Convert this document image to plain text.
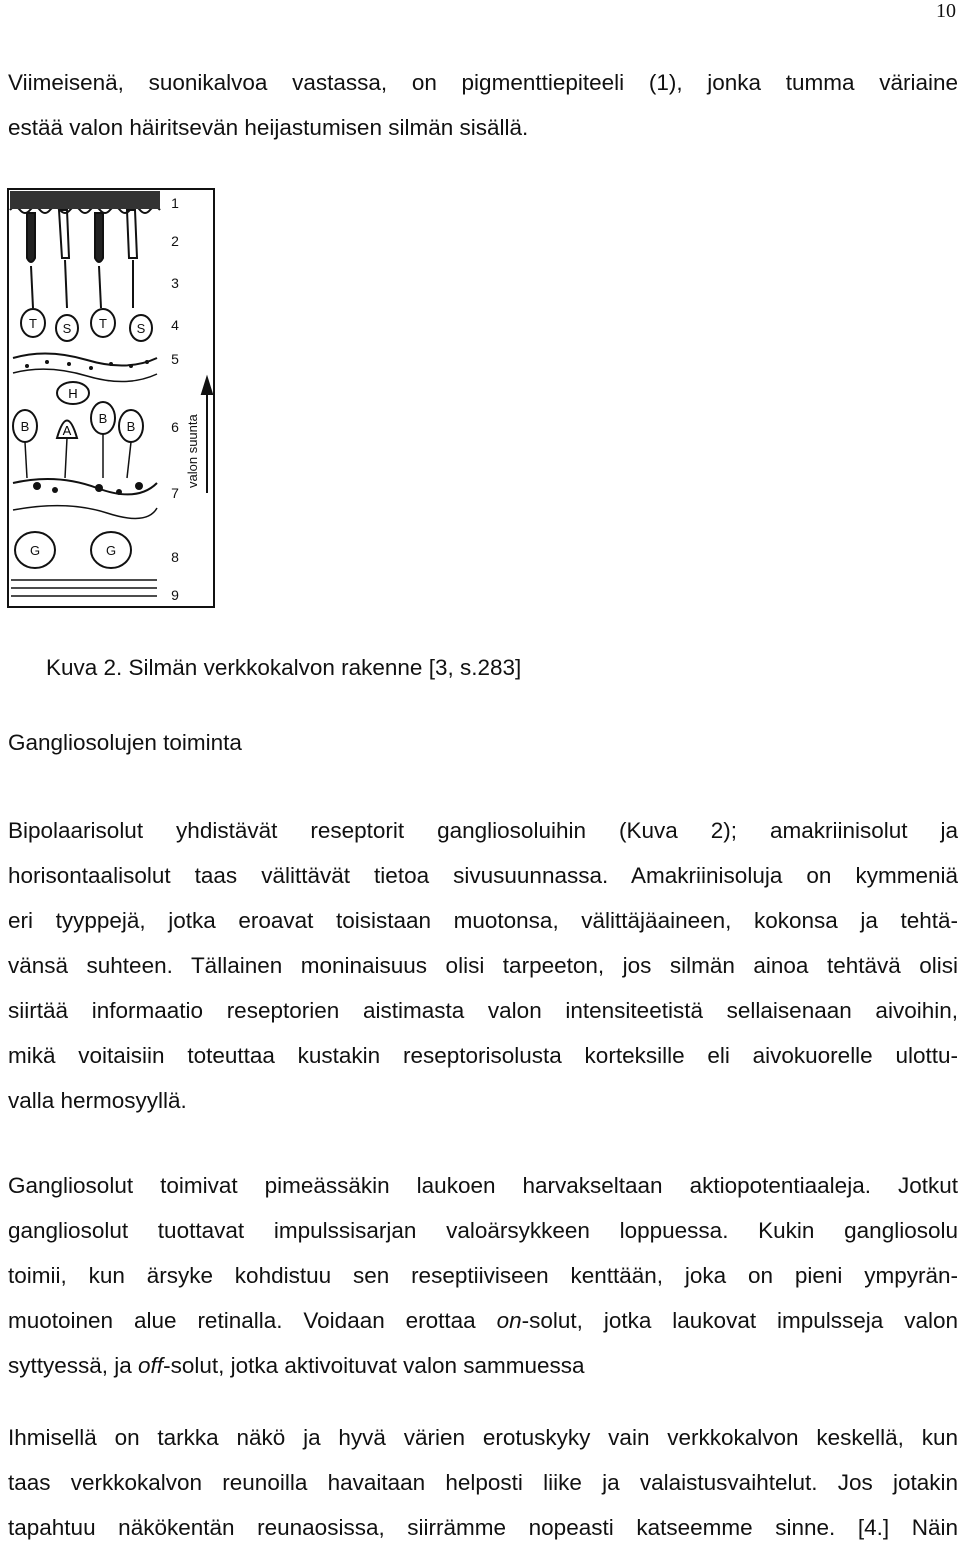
10
Viimeisenä, suonikalvoa vastassa, on pigmenttiepiteeli (1), jonka tumma väriaine
estää valon häiritsevän heijastumisen silmän sisällä.
T S T S
H
B
B
B
A
G	G
valon suunta
1
2
3
4
5
6
7
8
9

Kuva 2. Silmän verkkokalvon rakenne [3, s.283]

Gangliosolujen toiminta
Bipolaarisolut yhdistävät reseptorit gangliosoluihin (Kuva 2); amakriinisolut ja
horisontaalisolut taas välittävät tietoa sivusuunnassa. Amakriinisoluja on kymmeniä
eri tyyppejä, jotka eroavat toisistaan muotonsa, välittäjäaineen, kokonsa ja tehtä-
vänsä suhteen. Tällainen moninaisuus olisi tarpeeton, jos silmän ainoa tehtävä olisi
siirtää informaatio reseptorien aistimasta valon intensiteetistä sellaisenaan aivoihin,
mikä voitaisiin toteuttaa kustakin reseptorisolusta korteksille eli aivokuorelle ulottu-
valla hermosyyllä.
Gangliosolut toimivat pimeässäkin laukoen harvakseltaan aktiopotentiaaleja. Jotkut
gangliosolut tuottavat impulssisarjan valoärsykkeen loppuessa. Kukin gangliosolu
toimii, kun ärsyke kohdistuu sen reseptiiviseen kenttään, joka on pieni ympyrän-
muotoinen alue retinalla. Voidaan erottaa on-solut, jotka laukovat impulsseja valon
syttyessä, ja off-solut, jotka aktivoituvat valon sammuessa
Ihmisellä on tarkka näkö ja hyvä värien erotuskyky vain verkkokalvon keskellä, kun
taas verkkokalvon reunoilla havaitaan helposti liike ja valaistusvaihtelut. Jos jotakin
tapahtuu näkökentän reunaosissa, siirrämme nopeasti katseemme sinne. [4.] Näin
